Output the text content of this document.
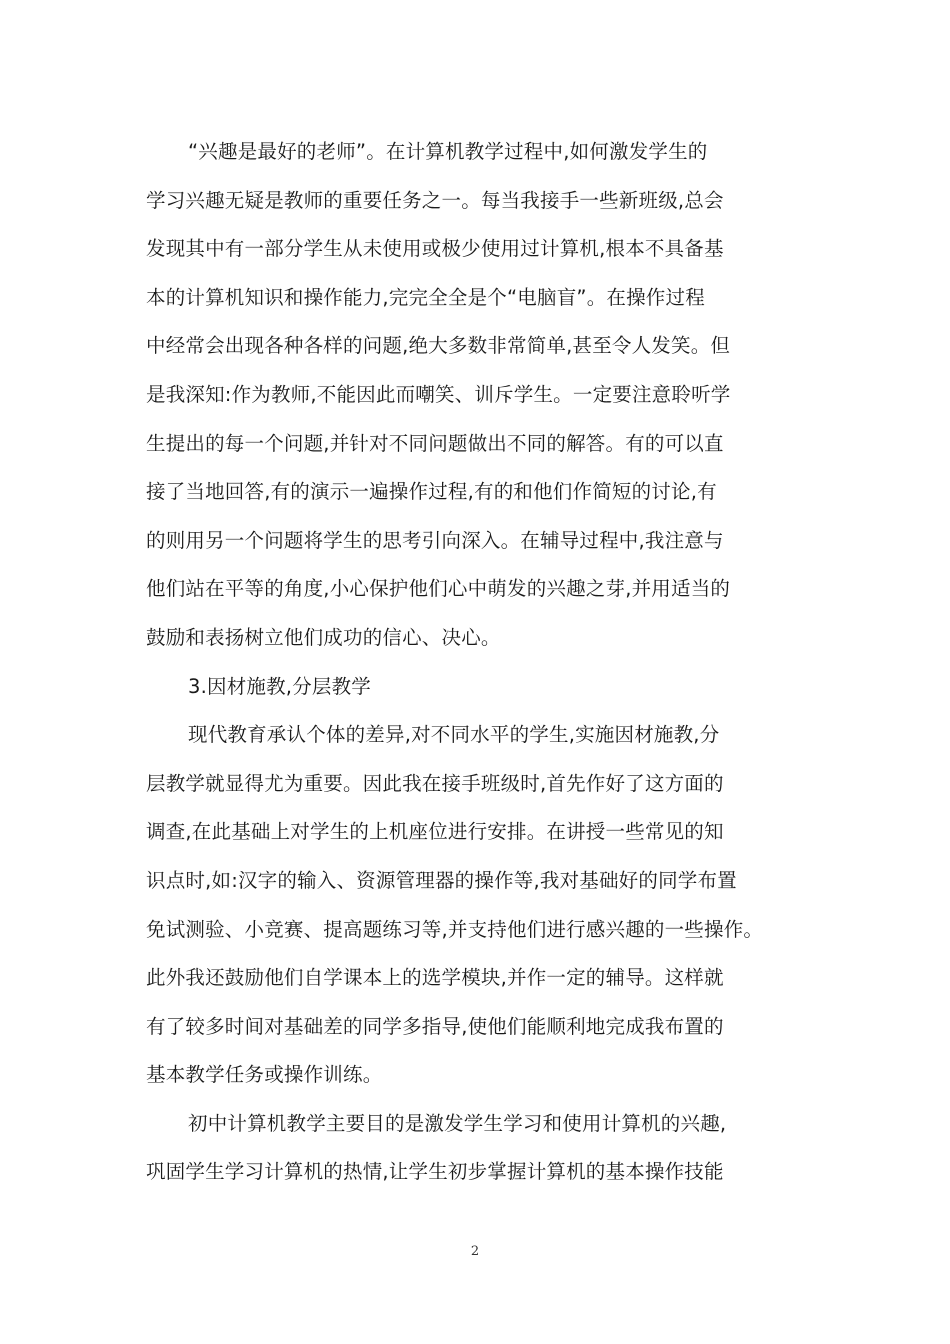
“兴趣是最好的老师”。在计算机教学过程中,如何激发学生的
学习兴趣无疑是教师的重要任务之一。每当我接手一些新班级,总会
发现其中有一部分学生从未使用或极少使用过计算机,根本不具备基
本的计算机知识和操作能力,完完全全是个“电脑盲”。在操作过程
中经常会出现各种各样的问题,绝大多数非常简单,甚至令人发笑。但
是我深知:作为教师,不能因此而嘲笑、训斥学生。一定要注意聆听学
生提出的每一个问题,并针对不同问题做出不同的解答。有的可以直
接了当地回答,有的演示一遍操作过程,有的和他们作简短的讨论,有
的则用另一个问题将学生的思考引向深入。在辅导过程中,我注意与
他们站在平等的角度,小心保护他们心中萌发的兴趣之芽,并用适当的
鼓励和表扬树立他们成功的信心、决心。
3.因材施教,分层教学
现代教育承认个体的差异,对不同水平的学生,实施因材施教,分
层教学就显得尤为重要。因此我在接手班级时,首先作好了这方面的
调查,在此基础上对学生的上机座位进行安排。在讲授一些常见的知
识点时,如:汉字的输入、资源管理器的操作等,我对基础好的同学布置
免试测验、小竞赛、提高题练习等,并支持他们进行感兴趣的一些操作。
此外我还鼓励他们自学课本上的选学模块,并作一定的辅导。这样就
有了较多时间对基础差的同学多指导,使他们能顺利地完成我布置的
基本教学任务或操作训练。
初中计算机教学主要目的是激发学生学习和使用计算机的兴趣,
巩固学生学习计算机的热情,让学生初步掌握计算机的基本操作技能
2
